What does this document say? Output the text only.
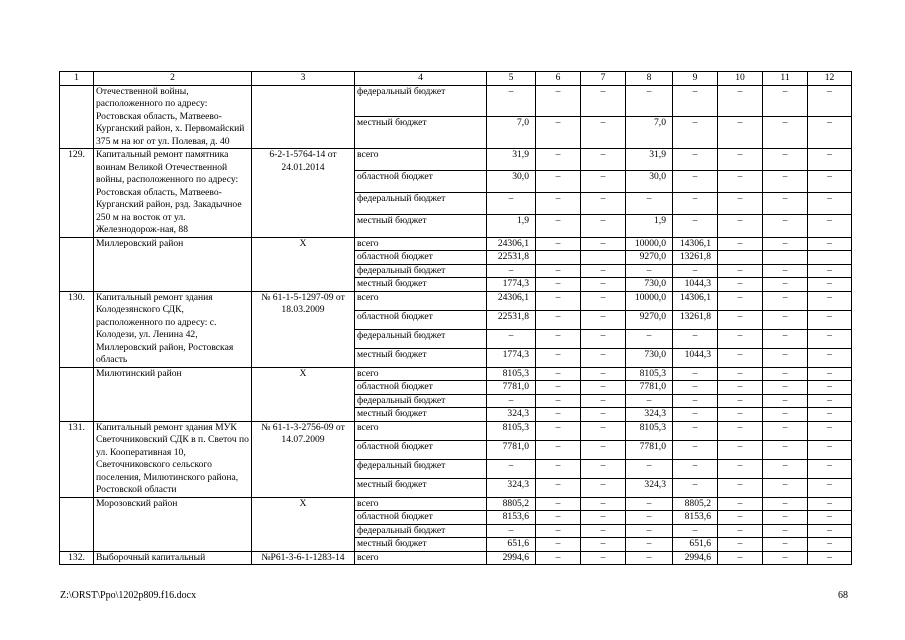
1	2	3	4	5	6	7	8	9	10	11	12
	Отечественной войны, расположенного по адресу: Ростовская область, Матвеево-Курганский район, х. Первомайский 375 м на юг от ул. Полевая, д. 40		федеральный бюджет	–	–	–	–	–	–	–	–
			местный бюджет	7,0	–	–	7,0	–	–	–	–
129.	Капитальный ремонт памятника воинам Великой Отечественной войны, расположенного по адресу: Ростовская область, Матвеево-Курганский район, рзд. Закадычное 250 м на восток от ул. Железнодорож-ная, 88	6-2-1-5764-14 от 24.01.2014	всего	31,9	–	–	31,9	–	–	–	–
			областной бюджет	30,0	–	–	30,0	–	–	–	–
			федеральный бюджет	–	–	–	–	–	–	–	–
			местный бюджет	1,9	–	–	1,9	–	–	–	–
	Миллеровский район	Х	всего	24306,1	–	–	10000,0	14306,1	–	–	–
			областной бюджет	22531,8			9270,0	13261,8			
			федеральный бюджет	–	–	–	–	–	–	–	–
			местный бюджет	1774,3	–	–	730,0	1044,3	–	–	–
130.	Капитальный ремонт здания Колодезянского СДК, расположенного по адресу: с. Колодези, ул. Ленина 42, Миллеровский район, Ростовская область	№ 61-1-5-1297-09 от 18.03.2009	всего	24306,1	–	–	10000,0	14306,1	–	–	–
			областной бюджет	22531,8	–	–	9270,0	13261,8	–	–	–
			федеральный бюджет	–	–	–	–	–	–	–	–
			местный бюджет	1774,3	–	–	730,0	1044,3	–	–	–
	Милютинский район	Х	всего	8105,3	–	–	8105,3	–	–	–	–
			областной бюджет	7781,0	–	–	7781,0	–	–	–	–
			федеральный бюджет	–	–	–	–	–	–	–	–
			местный бюджет	324,3	–	–	324,3	–	–	–	–
131.	Капитальный ремонт здания МУК Светочниковский СДК в п. Светоч по ул. Кооперативная 10, Светочниковского сельского поселения, Милютинского района, Ростовской области	№ 61-1-3-2756-09 от 14.07.2009	всего	8105,3	–	–	8105,3	–	–	–	–
			областной бюджет	7781,0	–	–	7781,0	–	–	–	–
			федеральный бюджет	–	–	–	–	–	–	–	–
			местный бюджет	324,3	–	–	324,3	–	–	–	–
	Морозовский район	Х	всего	8805,2	–	–	–	8805,2	–	–	–
			областной бюджет	8153,6	–	–	–	8153,6	–	–	–
			федеральный бюджет	–	–	–	–	–	–	–	–
			местный бюджет	651,6	–	–	–	651,6	–	–	–
132.	Выборочный капитальный	№Р61-3-6-1-1283-14	всего	2994,6	–	–	–	2994,6	–	–	–
Z:\ORST\Ppo\1202p809.f16.docx	68
